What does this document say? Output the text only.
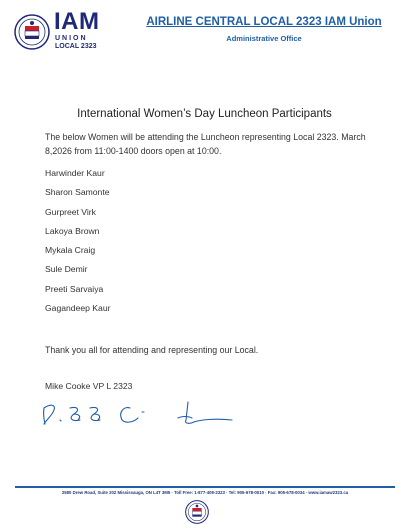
IAM
UNION
LOCAL 2323
AIRLINE CENTRAL LOCAL 2323 IAM Union
Administrative Office
International Women’s Day Luncheon Participants
The below Women will be attending the Luncheon representing Local 2323. March 8,2026 from 11:00-1400 doors open at 10:00.
Harwinder Kaur
Sharon Samonte
Gurpreet Virk
Lakoya Brown
Mykala Craig
Sule Demir
Preeti Sarvaiya
Gagandeep Kaur
Thank you all for attending and representing our Local.
Mike Cooke VP L 2323
2580 Drew Road, Suite 202 Mississauga, ON L4T 3M5 · Toll Free: 1-877-409-2323 · Tel: 905-678-0010 · Fax: 905-678-0034 · www.iamaw2323.ca
